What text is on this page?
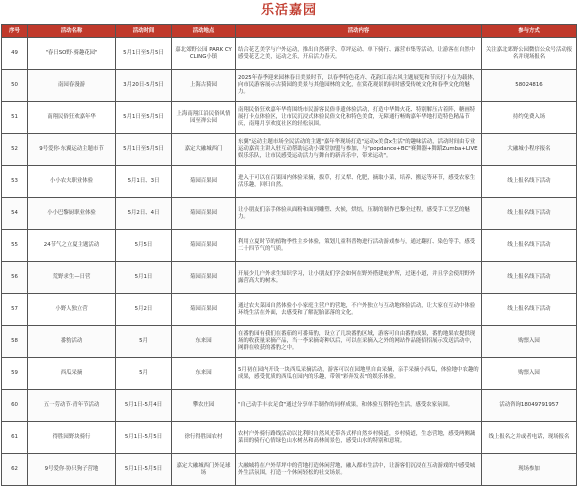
乐活嘉园
序号	活动名称	活动时间	活动地点	活动内容	参与方式
49	"春日SO野·骑趣花园"	5月1日至5月5日	嘉北郊野公园 PARK CYCLING小镇	结合花艺美学与户外运动，推出自然研学、草坪运动、单下骑行、露营市集等活动，让游客在自然中感受花艺之美，运动之乐，开启活力春天。	关注嘉北郊野公园微信公众号活动报名并现场报名
50	南园春漫游	3月20日-5月5日	上海古猗园	2025年春季迎来园林春日美景时节，以春季特色花卉、花韵江南古风主题展览和节庆打卡点为载体，向市民游客展示古猗园的美景与其他园林的文化，在赏花观景的同时感受传统文化和春季文化的魅力。	58024816
51	南翔民俗狂欢嘉年华	5月1日至5月5日	上海南翔江沿民俗风情园至禅公园	南翔民俗狂欢嘉年华将围绕市民游客民俗非遗体验活动，打造中华舞火花、特别解压古着阵，糖画特展打卡点体验区，让市民沉浸式体验民俗文化和特色美食，无障通行畅购嘉年华地打造特色精品节庆，南翔月享欢度社区的轻松氛围。	持约免费入场
52	9号爱你·东翼运动主题市节	5月1日至5月5日	嘉定大融城西门	东翼"运动主题市场全民活动的主题"嘉年华现场打造"运动x美食x生活"的趣味活动，活动时间由专业运动嘉宾主讲入驻互动帮助运动小课堂加盟与参加，与"popdance+BC"赛舞器+舞蹈Zumba+LIVE娱乐乐队，让市民感受运动活力与舞台的新音乐中，带来运动"。	大融城小程序报名
53	小小农夫职业体验	5月1日、3日	菊园百果园	进入于可以在百果园内体验采摘，拔草，打义犁、化肥，摘取小菜，培养、搬运等环节，感受农家生活乐趣，回归自然。	线上报名线下活动
54	小小巴黎厨职业体验	5月2日、4日	菊园百果园	让小朋友们亲手体验从面粉和面到雕塑、火候，烘焙，压制的制作巴黎全过程，感受手工烹艺的魅力。	线上报名线下活动
55	24节气之立夏主题活动	5月5日	菊园百果园	利用立夏时节的植物季性主乡体验，策划儿童科普物进行活动游戏参与，通过翻打、染色等手，感受二十四节气的气质。	线上报名线下活动
56	荒野求生—日营	5月1日	菊园百果园	开展少儿户外求生知识学习，让小朋友们学会如何在野外搭建庇护所，过迷小道，并且学会使用野外露营高大的树木。	线上报名线下活动
57	小野人独立营	5月2日	菊园百果园	通过农夫菜园自然体验小小家庭主营户的营地，不户外独立与互动地体验活动，让大家在互动中体验环绕生活在外面，去感受和了解泥胎部落的文化。	线上报名线下活动
58	番豹活动	5月	东来园	在番豹园有我们在番茄的可番茹豹，设立了几块番豹区域，游客可自由番豹成果，番豹地果农提供现场的收获量采摘产品，当一李采摘奇种以后，可以在采摘入之外的网站作品能招招展示发送活动中，网群在收获的番豹之中。	购票入园
59	西瓜采摘	5月	东来园	5月初在园内开设一块西瓜采摘活动，游客可以在园地里自由采摘，亲手采摘小西瓜，体验地中农趣的成果，感受优质的西瓜在园内的乐趣，带领"彩奔发表"的娱乐体验。	购票入园
60	五一劳动节·青年节活动	5月1日-5月4日	攀农庄园	"自己动手丰衣足食"通过分享单手制作的同样成果，和体验互帮特色生活，感受农家氛围。	活动咨询18049791957
61	得胜园野块骑行	5月1日-5月5日	徐行得胜园农村	农村户外骑行路线活动以比利时自然风光带各式样自然乡村骑道，乡村骑道，生态营地，感受两侧蔬菜田的骑行心情绿色山水树丛和高林间景色，感受山水的特别和意境。	线上报名之并或者电话，现场报名
62	9号爱你·协只狗子营地	5月1日-5月5日	嘉定大融城西门外足球场	大融城将在户外草坪中的营地打造休闲营地，融入都市生活中，让游客们沉浸在互动游戏的中感受城外生活氛围，打造一个休闲轻松的社交场景。	现场参加
